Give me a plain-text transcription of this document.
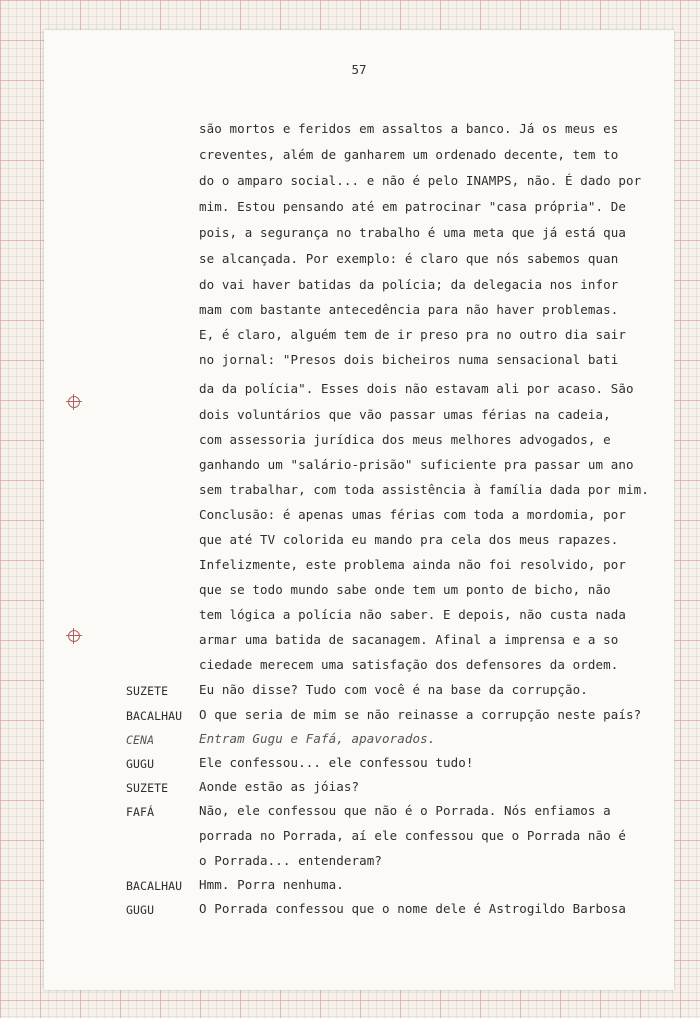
57
são mortos e feridos em assaltos a banco. Já os meus es
creventes, além de ganharem um ordenado decente, tem to
do o amparo social... e não é pelo INAMPS, não. É dado por
mim. Estou pensando até em patrocinar "casa própria". De
pois, a segurança no trabalho é uma meta que já está qua
se alcançada. Por exemplo: é claro que nós sabemos quan
do vai haver batidas da polícia; da delegacia nos infor
mam com bastante antecedência para não haver problemas.
E, é claro, alguém tem de ir preso pra no outro dia sair
no jornal: "Presos dois bicheiros numa sensacional bati
da da polícia". Esses dois não estavam ali por acaso. São
dois voluntários que vão passar umas férias na cadeia,
com assessoria jurídica dos meus melhores advogados, e
ganhando um "salário-prisão" suficiente pra passar um ano
sem trabalhar, com toda assistência à família dada por mim.
Conclusão: é apenas umas férias com toda a mordomia, por
que até TV colorida eu mando pra cela dos meus rapazes.
Infelizmente, este problema ainda não foi resolvido, por
que se todo mundo sabe onde tem um ponto de bicho, não
tem lógica a polícia não saber. E depois, não custa nada
armar uma batida de sacanagem. Afinal a imprensa e a so
ciedade merecem uma satisfação dos defensores da ordem.
SUZETE Eu não disse? Tudo com você é na base da corrupção.
BACALHAU O que seria de mim se não reinasse a corrupção neste país?
CENA	Entram Gugu e Fafá, apavorados.
GUGU	Ele confessou... ele confessou tudo!
SUZETE Aonde estão as jóias?
FAFÁ	Não, ele confessou que não é o Porrada. Nós enfiamos a
porrada no Porrada, aí ele confessou que o Porrada não é
o Porrada... entenderam?
BACALHAU Hmm. Porra nenhuma.
GUGU	O Porrada confessou que o nome dele é Astrogildo Barbosa
